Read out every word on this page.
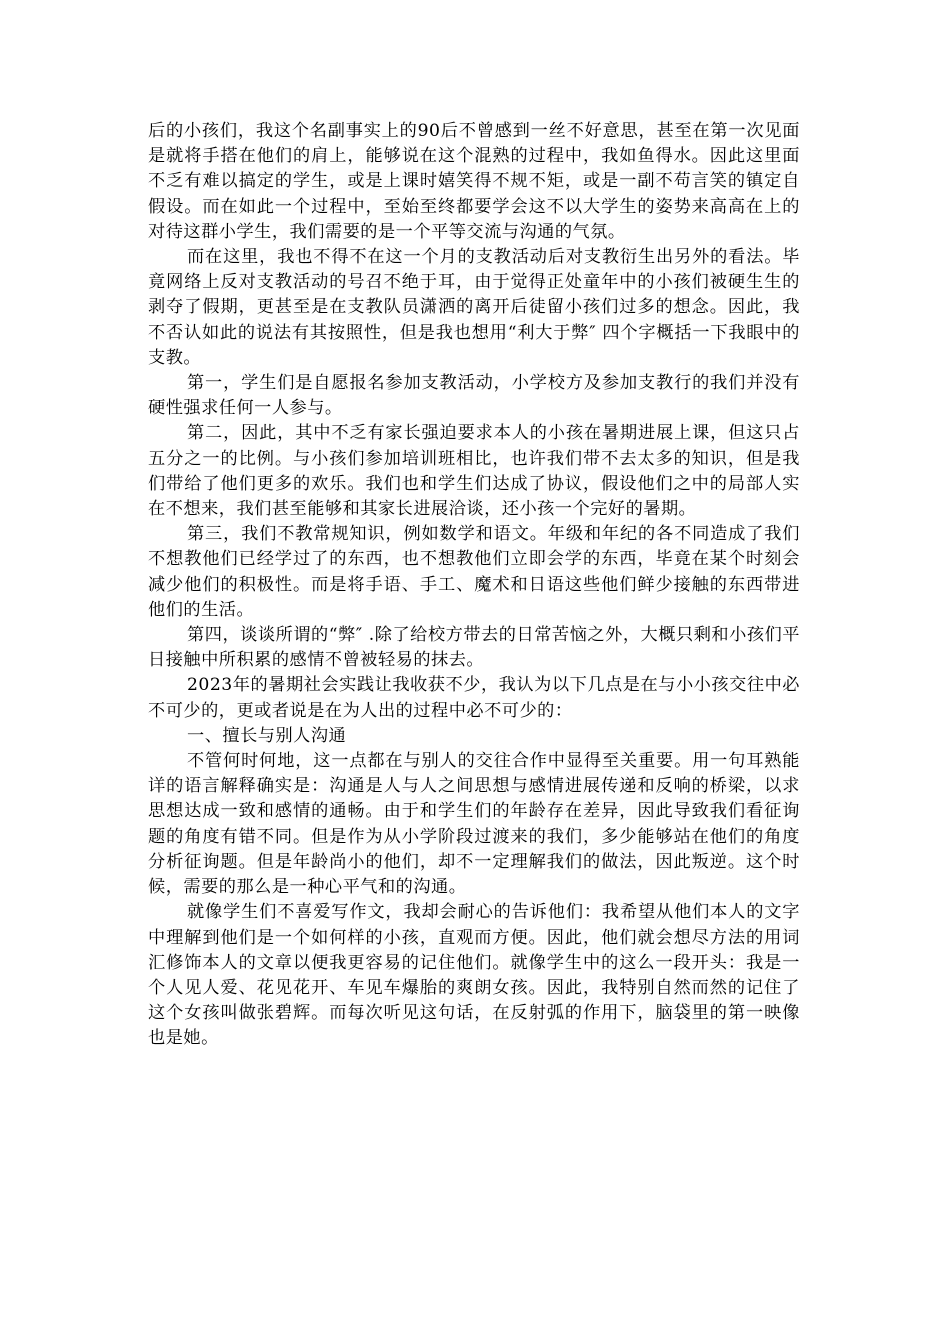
后的小孩们，我这个名副事实上的90后不曾感到一丝不好意思，甚至在第一次见面是就将手搭在他们的肩上，能够说在这个混熟的过程中，我如鱼得水。因此这里面不乏有难以搞定的学生，或是上课时嬉笑得不规不矩，或是一副不苟言笑的镇定自假设。而在如此一个过程中，至始至终都要学会这不以大学生的姿势来高高在上的对待这群小学生，我们需要的是一个平等交流与沟通的气氛。

而在这里，我也不得不在这一个月的支教活动后对支教衍生出另外的看法。毕竟网络上反对支教活动的号召不绝于耳，由于觉得正处童年中的小孩们被硬生生的剥夺了假期，更甚至是在支教队员潇洒的离开后徒留小孩们过多的想念。因此，我不否认如此的说法有其按照性，但是我也想用“利大于弊″ 四个字概括一下我眼中的支教。

第一，学生们是自愿报名参加支教活动，小学校方及参加支教行的我们并没有硬性强求任何一人参与。

第二，因此，其中不乏有家长强迫要求本人的小孩在暑期进展上课，但这只占五分之一的比例。与小孩们参加培训班相比，也许我们带不去太多的知识，但是我们带给了他们更多的欢乐。我们也和学生们达成了协议，假设他们之中的局部人实在不想来，我们甚至能够和其家长进展洽谈，还小孩一个完好的暑期。

第三，我们不教常规知识，例如数学和语文。年级和年纪的各不同造成了我们不想教他们已经学过了的东西，也不想教他们立即会学的东西，毕竟在某个时刻会减少他们的积极性。而是将手语、手工、魔术和日语这些他们鲜少接触的东西带进他们的生活。

第四，谈谈所谓的“弊″ .除了给校方带去的日常苦恼之外，大概只剩和小孩们平日接触中所积累的感情不曾被轻易的抹去。

2023年的暑期社会实践让我收获不少，我认为以下几点是在与小小孩交往中必不可少的，更或者说是在为人出的过程中必不可少的：

一、擅长与别人沟通

不管何时何地，这一点都在与别人的交往合作中显得至关重要。用一句耳熟能详的语言解释确实是：沟通是人与人之间思想与感情进展传递和反响的桥梁，以求思想达成一致和感情的通畅。由于和学生们的年龄存在差异，因此导致我们看征询题的角度有错不同。但是作为从小学阶段过渡来的我们，多少能够站在他们的角度分析征询题。但是年龄尚小的他们，却不一定理解我们的做法，因此叛逆。这个时候，需要的那么是一种心平气和的沟通。

就像学生们不喜爱写作文，我却会耐心的告诉他们：我希望从他们本人的文字中理解到他们是一个如何样的小孩，直观而方便。因此，他们就会想尽方法的用词汇修饰本人的文章以便我更容易的记住他们。就像学生中的这么一段开头：我是一个人见人爱、花见花开、车见车爆胎的爽朗女孩。因此，我特别自然而然的记住了这个女孩叫做张碧辉。而每次听见这句话，在反射弧的作用下，脑袋里的第一映像也是她。
